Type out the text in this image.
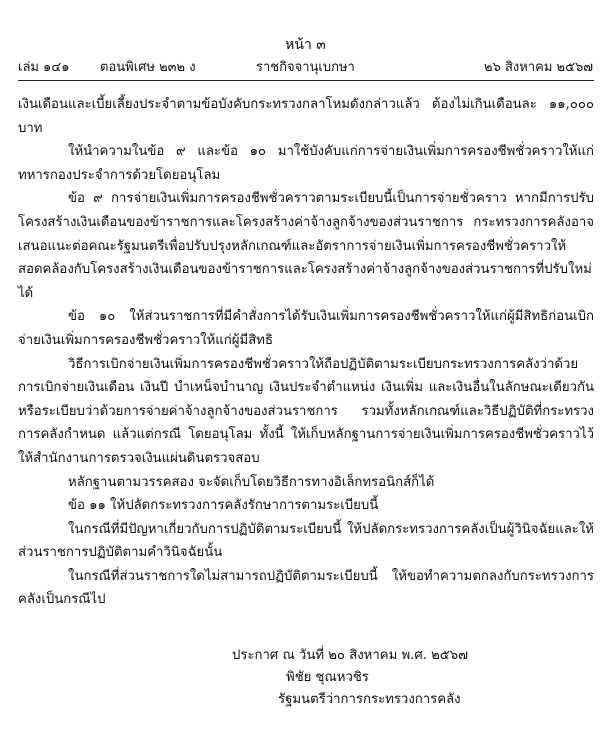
หน้า ๓
เล่ม ๑๔๑ ตอนพิเศษ ๒๓๒ ง	ราชกิจจานุเบกษา	๒๖ สิงหาคม ๒๕๖๗

เงินเดือนและเบี้ยเลี้ยงประจำตามข้อบังคับกระทรวงกลาโหมดังกล่าวแล้ว ต้องไม่เกินเดือนละ ๑๑,๐๐๐ บาท

ให้นำความในข้อ ๙ และข้อ ๑๐ มาใช้บังคับแก่การจ่ายเงินเพิ่มการครองชีพชั่วคราวให้แก่ทหารกองประจำการด้วยโดยอนุโลม

ข้อ ๙ การจ่ายเงินเพิ่มการครองชีพชั่วคราวตามระเบียบนี้เป็นการจ่ายชั่วคราว หากมีการปรับโครงสร้างเงินเดือนของข้าราชการและโครงสร้างค่าจ้างลูกจ้างของส่วนราชการ กระทรวงการคลังอาจเสนอแนะต่อคณะรัฐมนตรีเพื่อปรับปรุงหลักเกณฑ์และอัตราการจ่ายเงินเพิ่มการครองชีพชั่วคราวให้สอดคล้องกับโครงสร้างเงินเดือนของข้าราชการและโครงสร้างค่าจ้างลูกจ้างของส่วนราชการที่ปรับใหม่ได้

ข้อ ๑๐ ให้ส่วนราชการที่มีคำสั่งการได้รับเงินเพิ่มการครองชีพชั่วคราวให้แก่ผู้มีสิทธิก่อนเบิกจ่ายเงินเพิ่มการครองชีพชั่วคราวให้แก่ผู้มีสิทธิ

วิธีการเบิกจ่ายเงินเพิ่มการครองชีพชั่วคราวให้ถือปฏิบัติตามระเบียบกระทรวงการคลังว่าด้วยการเบิกจ่ายเงินเดือน เงินปี บำเหน็จบำนาญ เงินประจำตำแหน่ง เงินเพิ่ม และเงินอื่นในลักษณะเดียวกัน หรือระเบียบว่าด้วยการจ่ายค่าจ้างลูกจ้างของส่วนราชการ รวมทั้งหลักเกณฑ์และวิธีปฏิบัติที่กระทรวงการคลังกำหนด แล้วแต่กรณี โดยอนุโลม ทั้งนี้ ให้เก็บหลักฐานการจ่ายเงินเพิ่มการครองชีพชั่วคราวไว้ให้สำนักงานการตรวจเงินแผ่นดินตรวจสอบ

หลักฐานตามวรรคสอง จะจัดเก็บโดยวิธีการทางอิเล็กทรอนิกส์ก็ได้

ข้อ ๑๑ ให้ปลัดกระทรวงการคลังรักษาการตามระเบียบนี้

ในกรณีที่มีปัญหาเกี่ยวกับการปฏิบัติตามระเบียบนี้ ให้ปลัดกระทรวงการคลังเป็นผู้วินิจฉัยและให้ส่วนราชการปฏิบัติตามคำวินิจฉัยนั้น

ในกรณีที่ส่วนราชการใดไม่สามารถปฏิบัติตามระเบียบนี้ ให้ขอทำความตกลงกับกระทรวงการคลังเป็นกรณีไป

ประกาศ ณ วันที่ ๒๐ สิงหาคม พ.ศ. ๒๕๖๗
พิชัย ชุณหวชิร
รัฐมนตรีว่าการกระทรวงการคลัง
